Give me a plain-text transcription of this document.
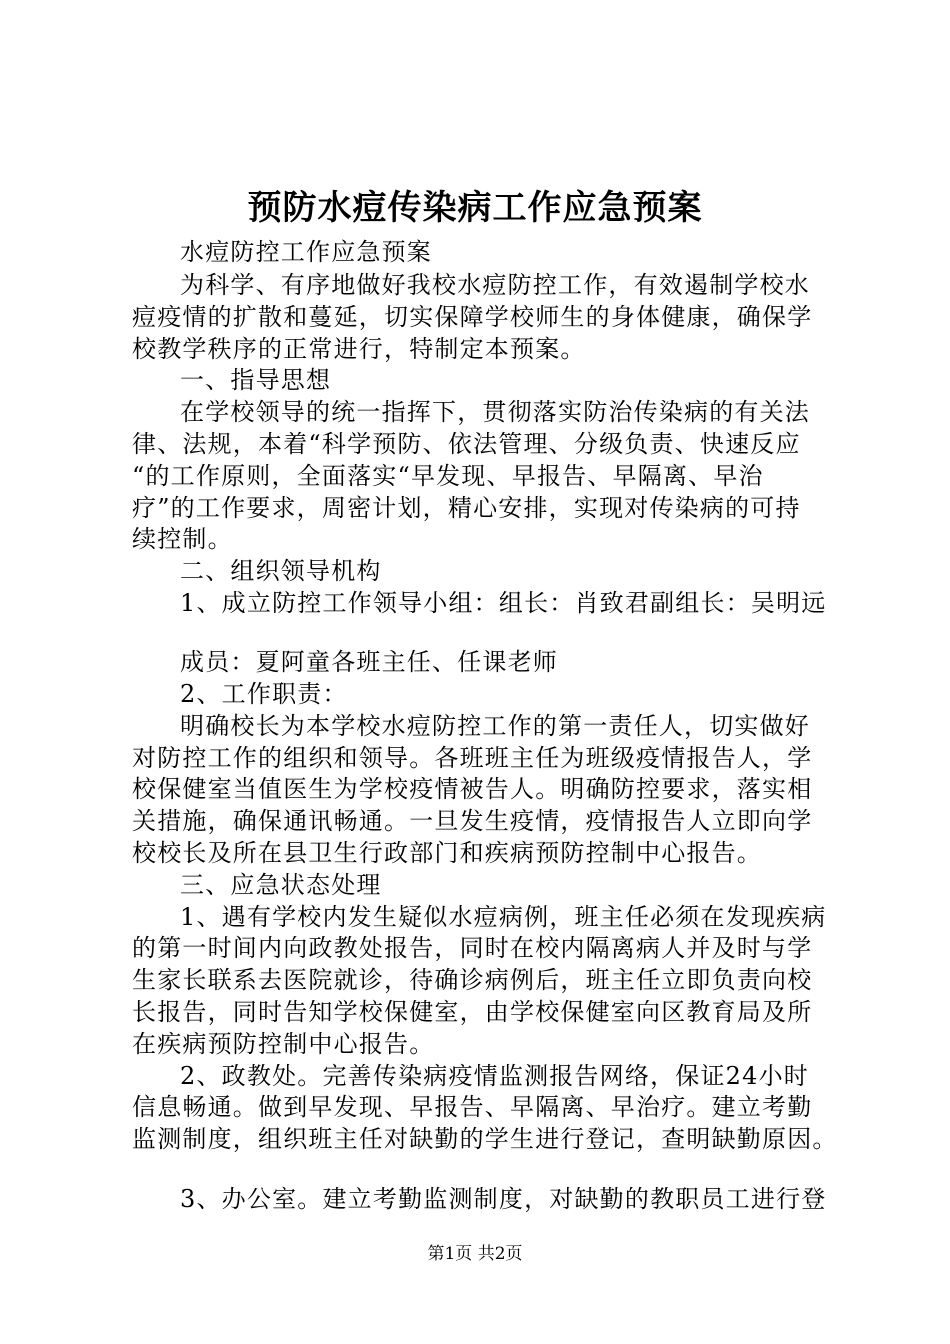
预防水痘传染病工作应急预案
水痘防控工作应急预案
为科学、有序地做好我校水痘防控工作，有效遏制学校水
痘疫情的扩散和蔓延，切实保障学校师生的身体健康，确保学
校教学秩序的正常进行，特制定本预案。
一、指导思想
在学校领导的统一指挥下，贯彻落实防治传染病的有关法
律、法规，本着“科学预防、依法管理、分级负责、快速反应
“的工作原则，全面落实“早发现、早报告、早隔离、早治
疗”的工作要求，周密计划，精心安排，实现对传染病的可持
续控制。
二、组织领导机构
1、成立防控工作领导小组：组长：肖致君副组长：吴明远
成员：夏阿童各班主任、任课老师
2、工作职责：
明确校长为本学校水痘防控工作的第一责任人，切实做好
对防控工作的组织和领导。各班班主任为班级疫情报告人，学
校保健室当值医生为学校疫情被告人。明确防控要求，落实相
关措施，确保通讯畅通。一旦发生疫情，疫情报告人立即向学
校校长及所在县卫生行政部门和疾病预防控制中心报告。
三、应急状态处理
1、遇有学校内发生疑似水痘病例，班主任必须在发现疾病
的第一时间内向政教处报告，同时在校内隔离病人并及时与学
生家长联系去医院就诊，待确诊病例后，班主任立即负责向校
长报告，同时告知学校保健室，由学校保健室向区教育局及所
在疾病预防控制中心报告。
2、政教处。完善传染病疫情监测报告网络，保证24小时
信息畅通。做到早发现、早报告、早隔离、早治疗。建立考勤
监测制度，组织班主任对缺勤的学生进行登记，查明缺勤原因。
3、办公室。建立考勤监测制度，对缺勤的教职员工进行登
第1页 共2页
